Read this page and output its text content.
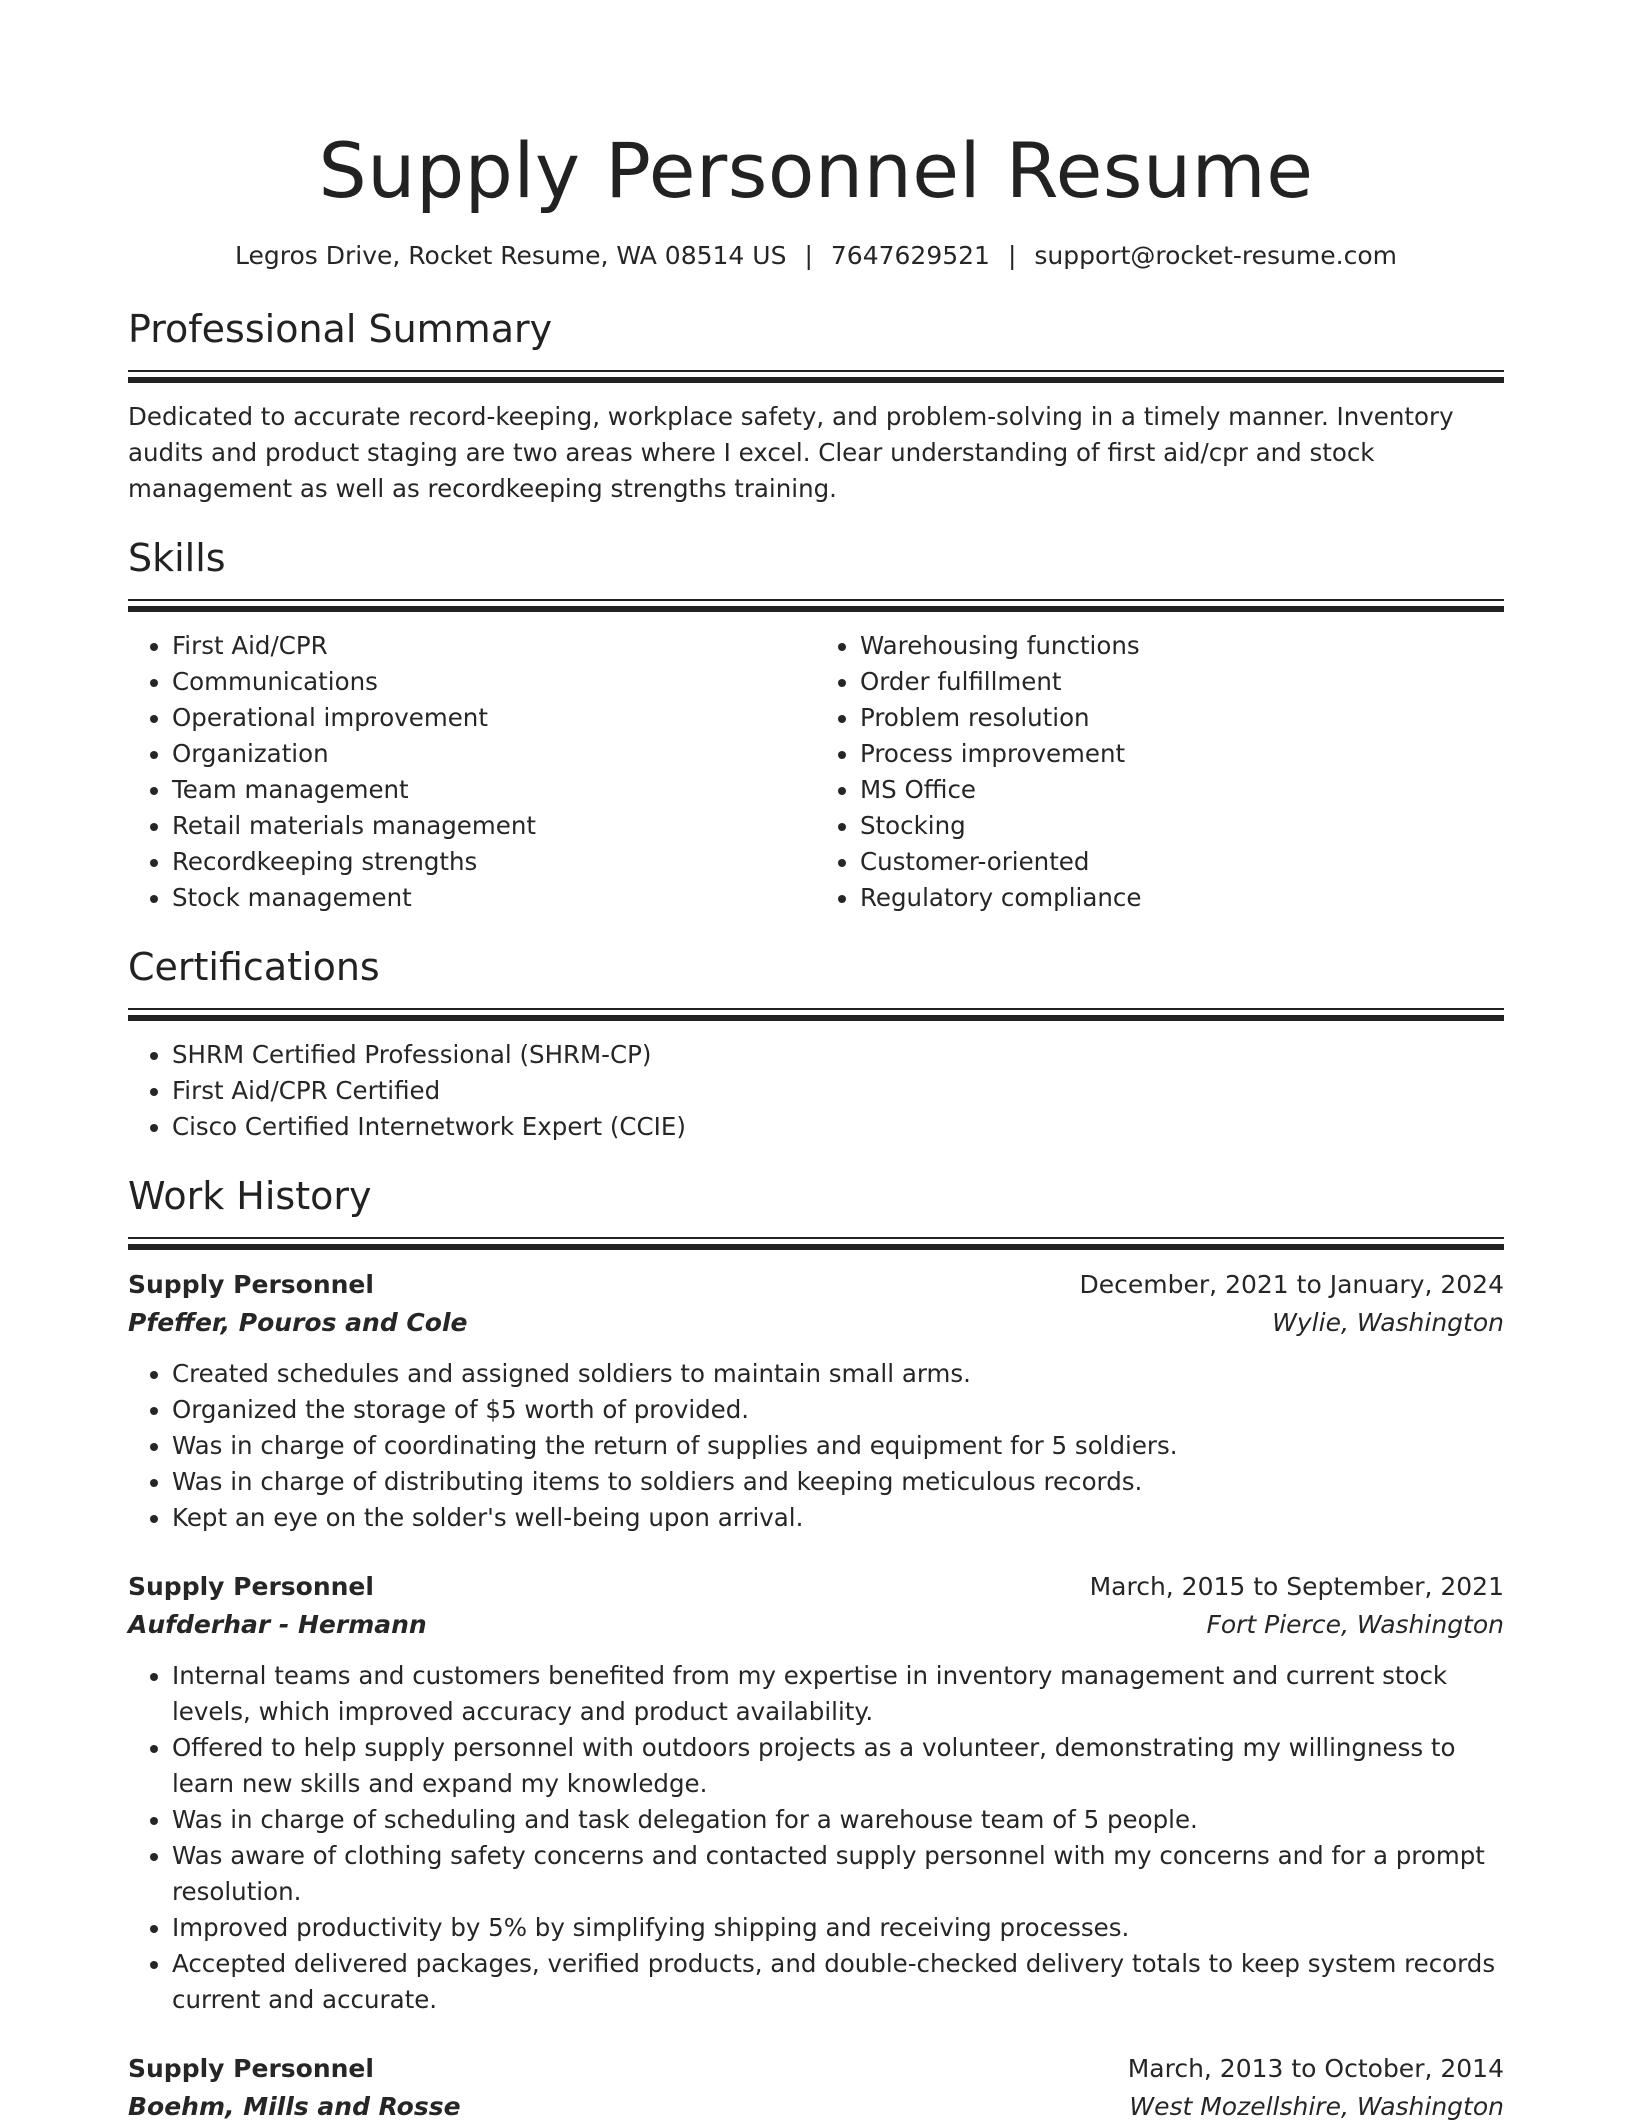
Supply Personnel Resume
Legros Drive, Rocket Resume, WA 08514 US | 7647629521 | support@rocket-resume.com
Professional Summary
Dedicated to accurate record-keeping, workplace safety, and problem-solving in a timely manner. Inventory audits and product staging are two areas where I excel. Clear understanding of first aid/cpr and stock management as well as recordkeeping strengths training.
Skills
• First Aid/CPR
• Communications
• Operational improvement
• Organization
• Team management
• Retail materials management
• Recordkeeping strengths
• Stock management
• Warehousing functions
• Order fulfillment
• Problem resolution
• Process improvement
• MS Office
• Stocking
• Customer-oriented
• Regulatory compliance
Certifications
• SHRM Certified Professional (SHRM-CP)
• First Aid/CPR Certified
• Cisco Certified Internetwork Expert (CCIE)
Work History
Supply Personnel	December, 2021 to January, 2024
Pfeffer, Pouros and Cole	Wylie, Washington
• Created schedules and assigned soldiers to maintain small arms.
• Organized the storage of $5 worth of provided.
• Was in charge of coordinating the return of supplies and equipment for 5 soldiers.
• Was in charge of distributing items to soldiers and keeping meticulous records.
• Kept an eye on the solder's well-being upon arrival.
Supply Personnel	March, 2015 to September, 2021
Aufderhar - Hermann	Fort Pierce, Washington
• Internal teams and customers benefited from my expertise in inventory management and current stock levels, which improved accuracy and product availability.
• Offered to help supply personnel with outdoors projects as a volunteer, demonstrating my willingness to learn new skills and expand my knowledge.
• Was in charge of scheduling and task delegation for a warehouse team of 5 people.
• Was aware of clothing safety concerns and contacted supply personnel with my concerns and for a prompt resolution.
• Improved productivity by 5% by simplifying shipping and receiving processes.
• Accepted delivered packages, verified products, and double-checked delivery totals to keep system records current and accurate.
Supply Personnel	March, 2013 to October, 2014
Boehm, Mills and Rosse	West Mozellshire, Washington
